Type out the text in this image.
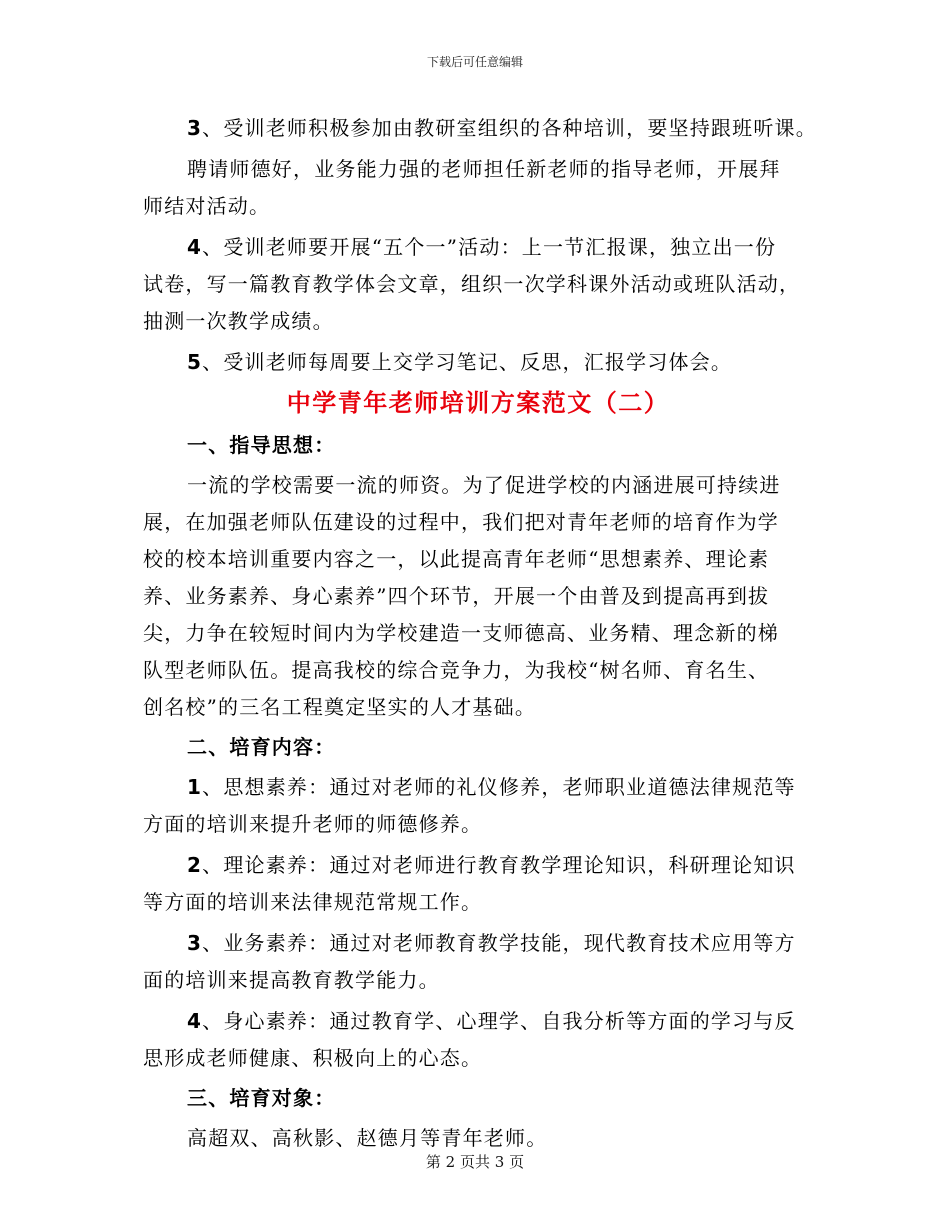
下载后可任意编辑
3、受训老师积极参加由教研室组织的各种培训，要坚持跟班听课。
聘请师德好，业务能力强的老师担任新老师的指导老师，开展拜
师结对活动。
4、受训老师要开展“五个一”活动：上一节汇报课，独立出一份
试卷，写一篇教育教学体会文章，组织一次学科课外活动或班队活动，
抽测一次教学成绩。
5、受训老师每周要上交学习笔记、反思，汇报学习体会。
中学青年老师培训方案范文（二）
一、指导思想：
一流的学校需要一流的师资。为了促进学校的内涵进展可持续进
展，在加强老师队伍建设的过程中，我们把对青年老师的培育作为学
校的校本培训重要内容之一，以此提高青年老师“思想素养、理论素
养、业务素养、身心素养”四个环节，开展一个由普及到提高再到拔
尖，力争在较短时间内为学校建造一支师德高、业务精、理念新的梯
队型老师队伍。提高我校的综合竞争力，为我校“树名师、育名生、
创名校”的三名工程奠定坚实的人才基础。
二、培育内容：
1、思想素养：通过对老师的礼仪修养，老师职业道德法律规范等
方面的培训来提升老师的师德修养。
2、理论素养：通过对老师进行教育教学理论知识，科研理论知识
等方面的培训来法律规范常规工作。
3、业务素养：通过对老师教育教学技能，现代教育技术应用等方
面的培训来提高教育教学能力。
4、身心素养：通过教育学、心理学、自我分析等方面的学习与反
思形成老师健康、积极向上的心态。
三、培育对象：
高超双、高秋影、赵德月等青年老师。
第 2 页共 3 页
